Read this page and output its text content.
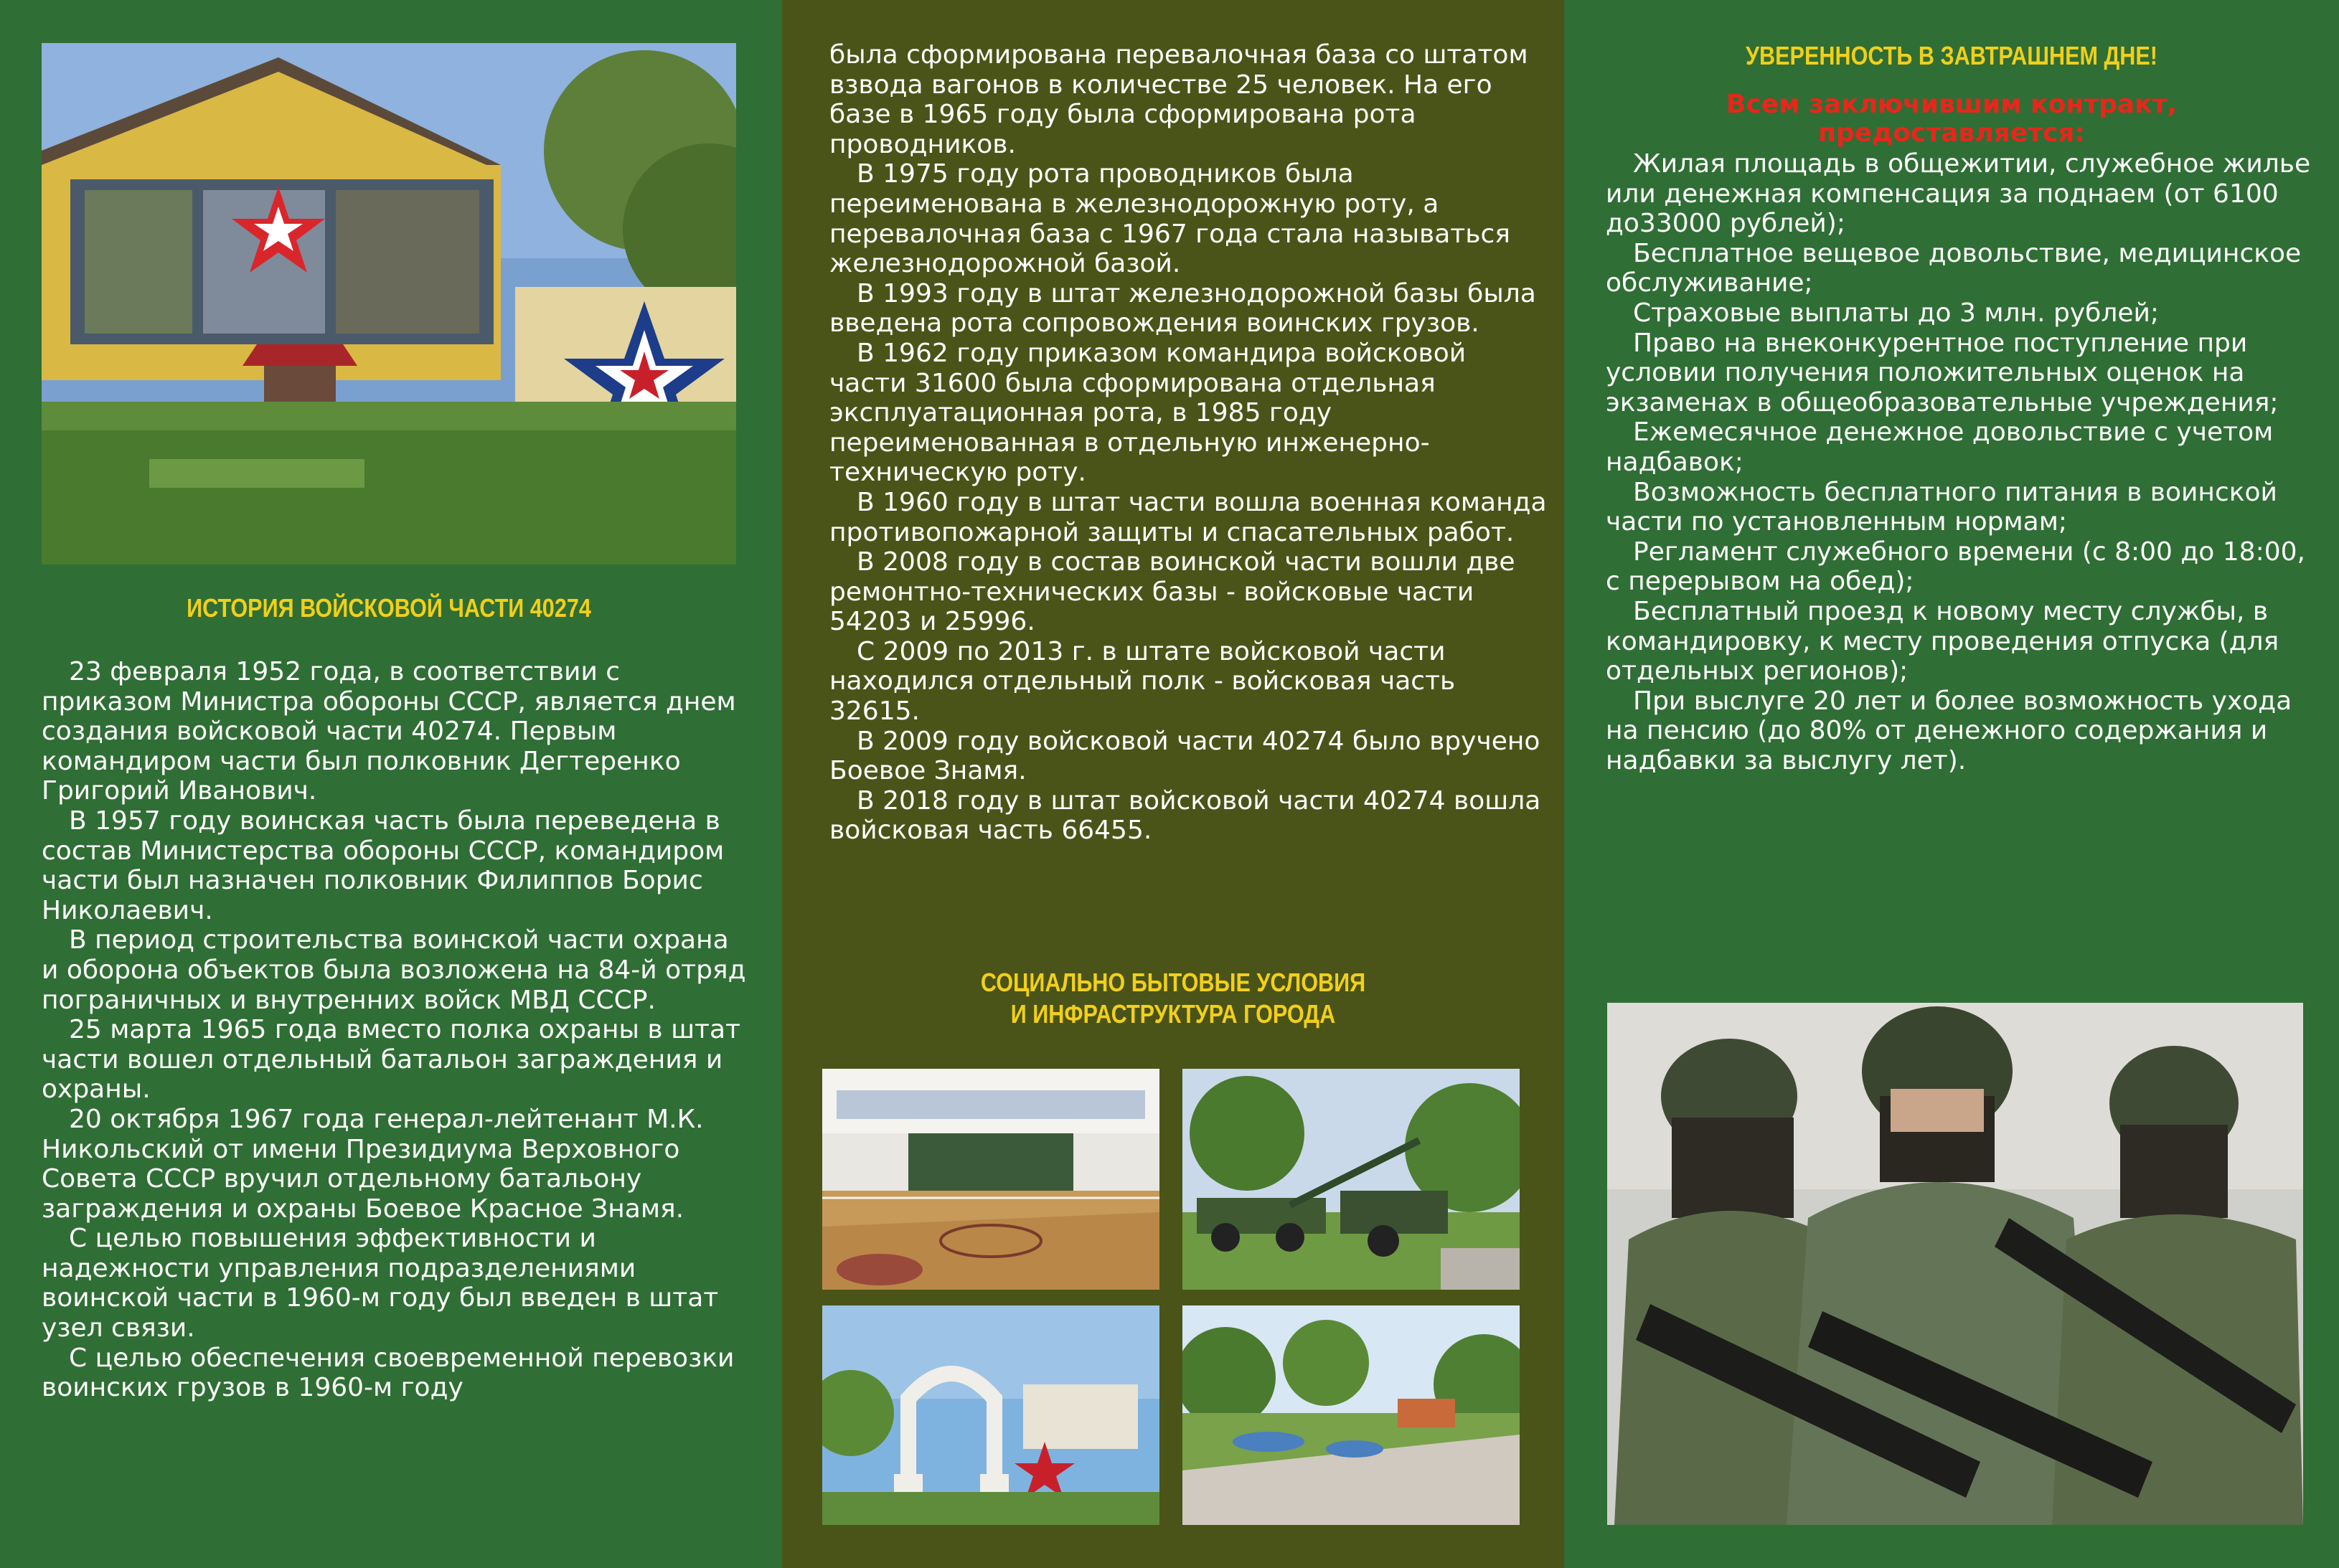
ИСТОРИЯ ВОЙСКОВОЙ ЧАСТИ 40274

23 февраля 1952 года, в соответствии с приказом Министра обороны СССР, является днем создания войсковой части 40274. Первым командиром части был полковник Дегтеренко Григорий Иванович.

В 1957 году воинская часть была переведена в состав Министерства обороны СССР, командиром части был назначен полковник Филиппов Борис Николаевич.

В период строительства воинской части охрана и оборона объектов была возложена на 84-й отряд пограничных и внутренних войск МВД СССР.

25 марта 1965 года вместо полка охраны в штат части вошел отдельный батальон заграждения и охраны.

20 октября 1967 года генерал-лейтенант М.К. Никольский от имени Президиума Верховного Совета СССР вручил отдельному батальону заграждения и охраны Боевое Красное Знамя.

С целью повышения эффективности и надежности управления подразделениями воинской части в 1960-м году был введен в штат узел связи.

С целью обеспечения своевременной перевозки воинских грузов в 1960-м году

была сформирована перевалочная база со штатом взвода вагонов в количестве 25 человек. На его базе в 1965 году была сформирована рота проводников.

В 1975 году рота проводников была переименована в железнодорожную роту, а перевалочная база с 1967 года стала называться железнодорожной базой.

В 1993 году в штат железнодорожной базы была введена рота сопровождения воинских грузов.

В 1962 году приказом командира войсковой части 31600 была сформирована отдельная эксплуатационная рота, в 1985 году переименованная в отдельную инженерно-техническую роту.

В 1960 году в штат части вошла военная команда противопожарной защиты и спасательных работ.

В 2008 году в состав воинской части вошли две ремонтно-технических базы - войсковые части 54203 и 25996.

С 2009 по 2013 г. в штате войсковой части находился отдельный полк - войсковая часть 32615.

В 2009 году войсковой части 40274 было вручено Боевое Знамя.

В 2018 году в штат войсковой части 40274 вошла войсковая часть 66455.

СОЦИАЛЬНО БЫТОВЫЕ УСЛОВИЯ
И ИНФРАСТРУКТУРА ГОРОДА
УВЕРЕННОСТЬ В ЗАВТРАШНЕМ ДНЕ!
Всем заключившим контракт,
предоставляется:

Жилая площадь в общежитии, служебное жилье или денежная компенсация за поднаем (от 6100 до33000 рублей);

Бесплатное вещевое довольствие, медицинское обслуживание;

Страховые выплаты до 3 млн. рублей;

Право на внеконкурентное поступление при условии получения положительных оценок на экзаменах в общеобразовательные учреждения;

Ежемесячное денежное довольствие с учетом надбавок;

Возможность бесплатного питания в воинской части по установленным нормам;

Регламент служебного времени (с 8:00 до 18:00, с перерывом на обед);

Бесплатный проезд к новому месту службы, в командировку, к месту проведения отпуска (для отдельных регионов);

При выслуге 20 лет и более возможность ухода на пенсию (до 80% от денежного содержания и надбавки за выслугу лет).
